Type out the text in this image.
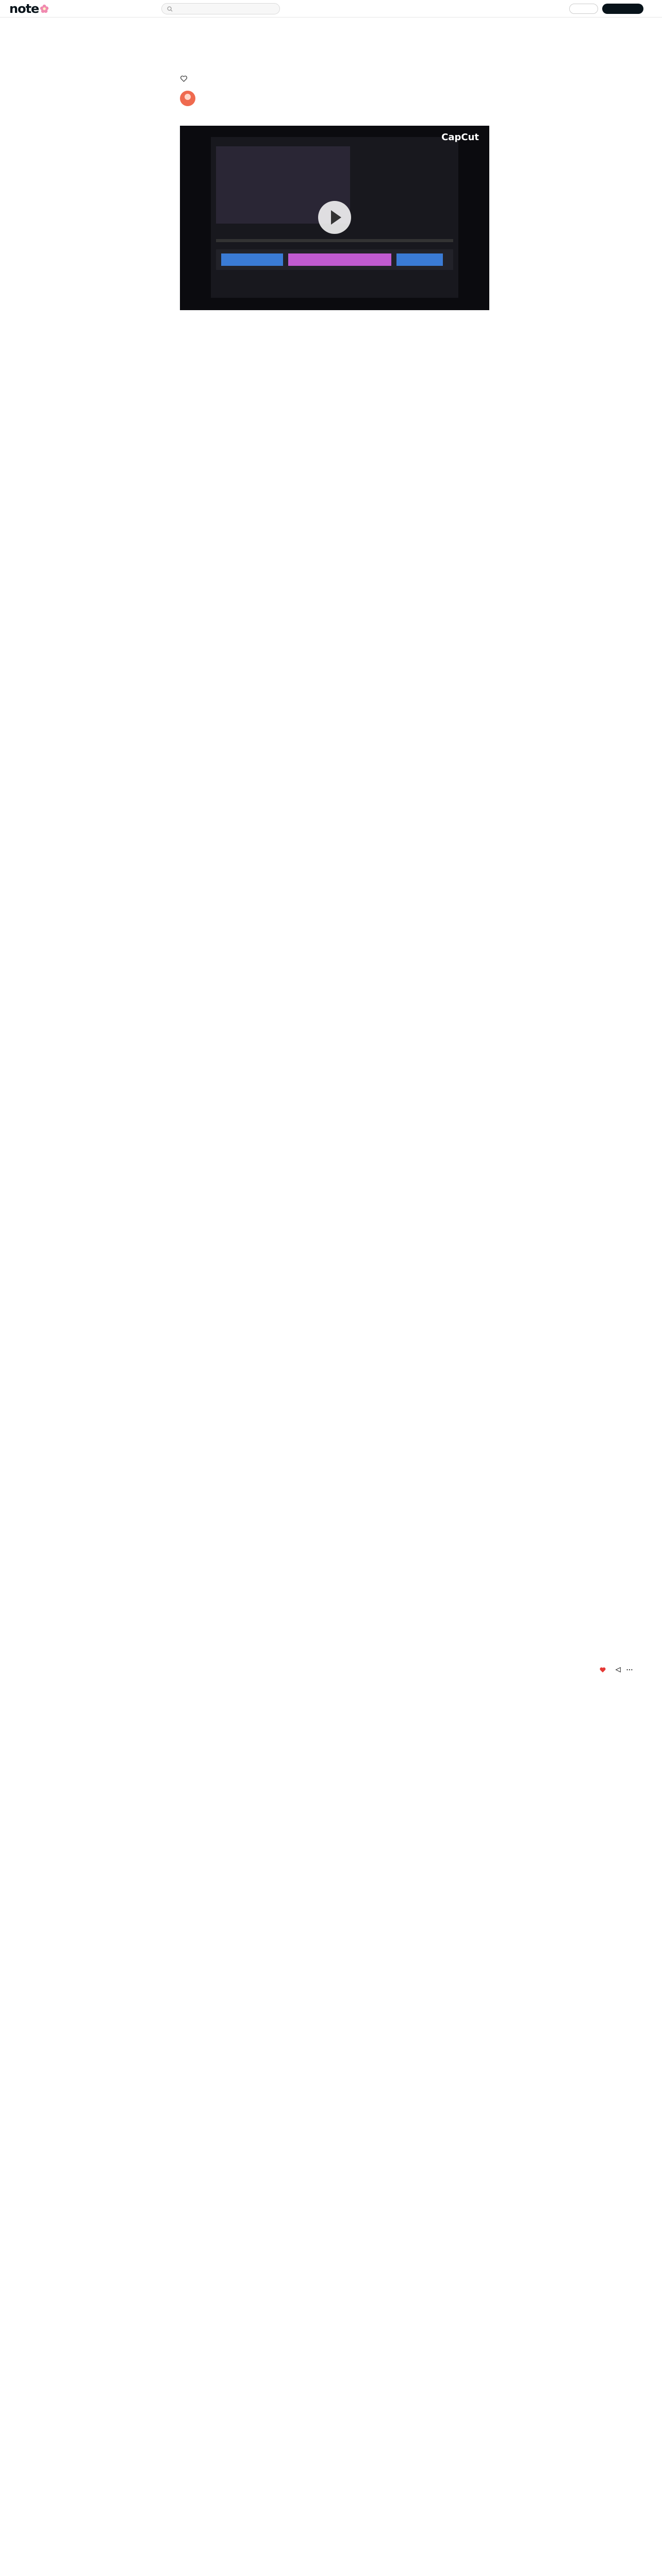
note
CapCut
